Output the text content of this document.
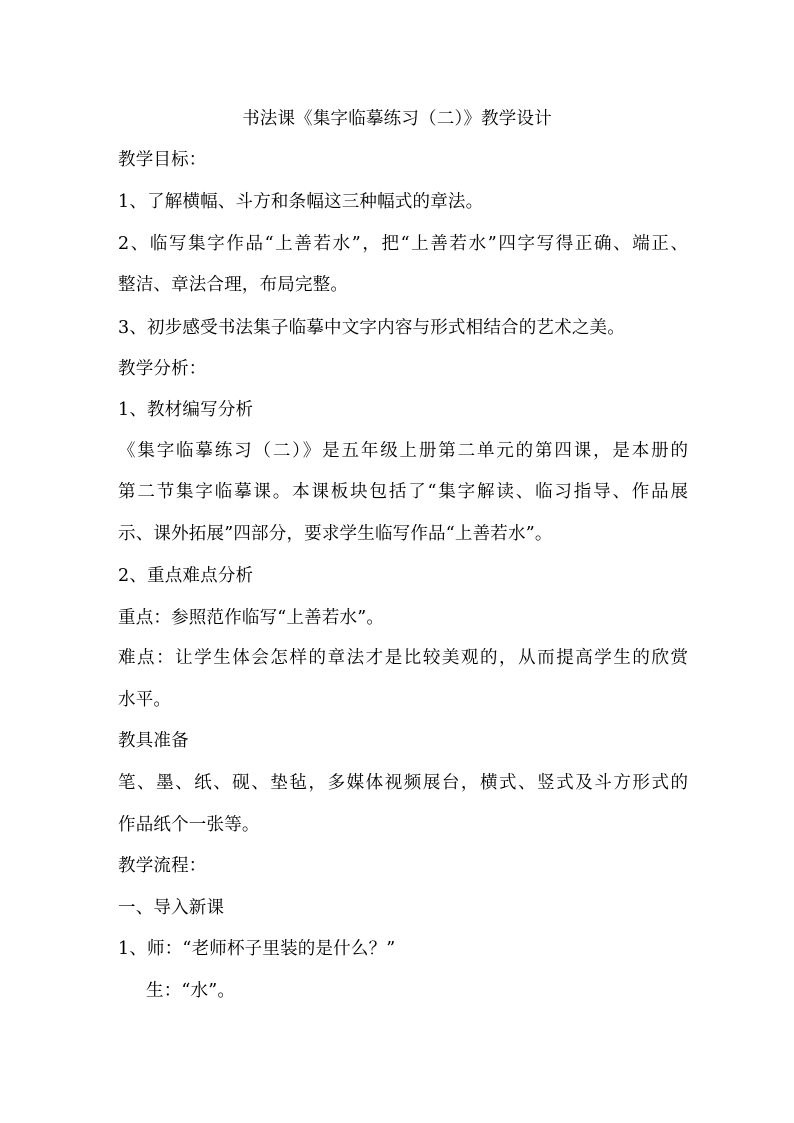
书法课《集字临摹练习（二）》教学设计
教学目标：
1、了解横幅、斗方和条幅这三种幅式的章法。
2、临写集字作品“上善若水”，把“上善若水”四字写得正确、端正、
整洁、章法合理，布局完整。
3、初步感受书法集子临摹中文字内容与形式相结合的艺术之美。
教学分析：
1、教材编写分析
《集字临摹练习（二）》是五年级上册第二单元的第四课，是本册的
第二节集字临摹课。本课板块包括了“集字解读、临习指导、作品展
示、课外拓展”四部分，要求学生临写作品“上善若水”。
2、重点难点分析
重点：参照范作临写“上善若水”。
难点：让学生体会怎样的章法才是比较美观的，从而提高学生的欣赏
水平。
教具准备
笔、墨、纸、砚、垫毡，多媒体视频展台，横式、竖式及斗方形式的
作品纸个一张等。
教学流程：
一、导入新课
1、师：“老师杯子里装的是什么？”
生：“水”。
